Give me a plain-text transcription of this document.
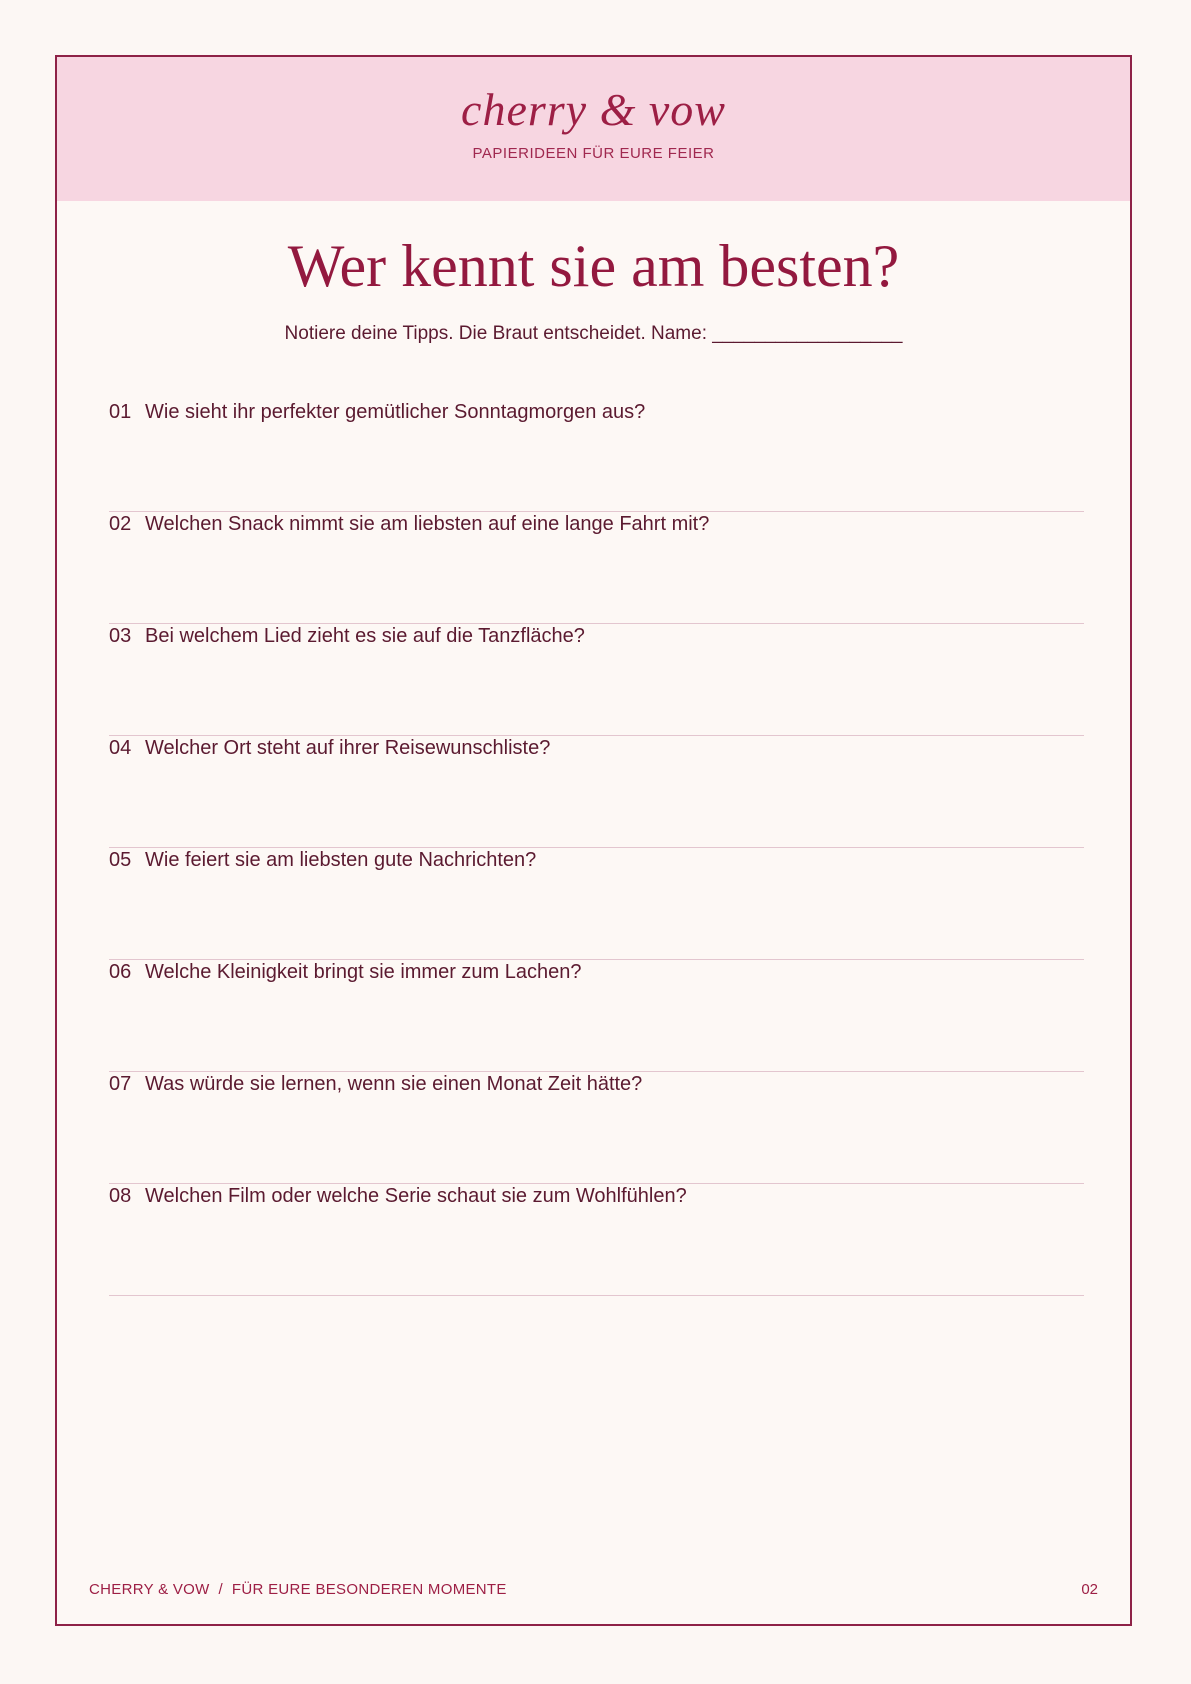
cherry & vow
PAPIERIDEEN FÜR EURE FEIER
Wer kennt sie am besten?
Notiere deine Tipps. Die Braut entscheidet. Name: __________________
01 Wie sieht ihr perfekter gemütlicher Sonntagmorgen aus?
02 Welchen Snack nimmt sie am liebsten auf eine lange Fahrt mit?
03 Bei welchem Lied zieht es sie auf die Tanzfläche?
04 Welcher Ort steht auf ihrer Reisewunschliste?
05 Wie feiert sie am liebsten gute Nachrichten?
06 Welche Kleinigkeit bringt sie immer zum Lachen?
07 Was würde sie lernen, wenn sie einen Monat Zeit hätte?
08 Welchen Film oder welche Serie schaut sie zum Wohlfühlen?
CHERRY & VOW  /  FÜR EURE BESONDEREN MOMENTE	02
